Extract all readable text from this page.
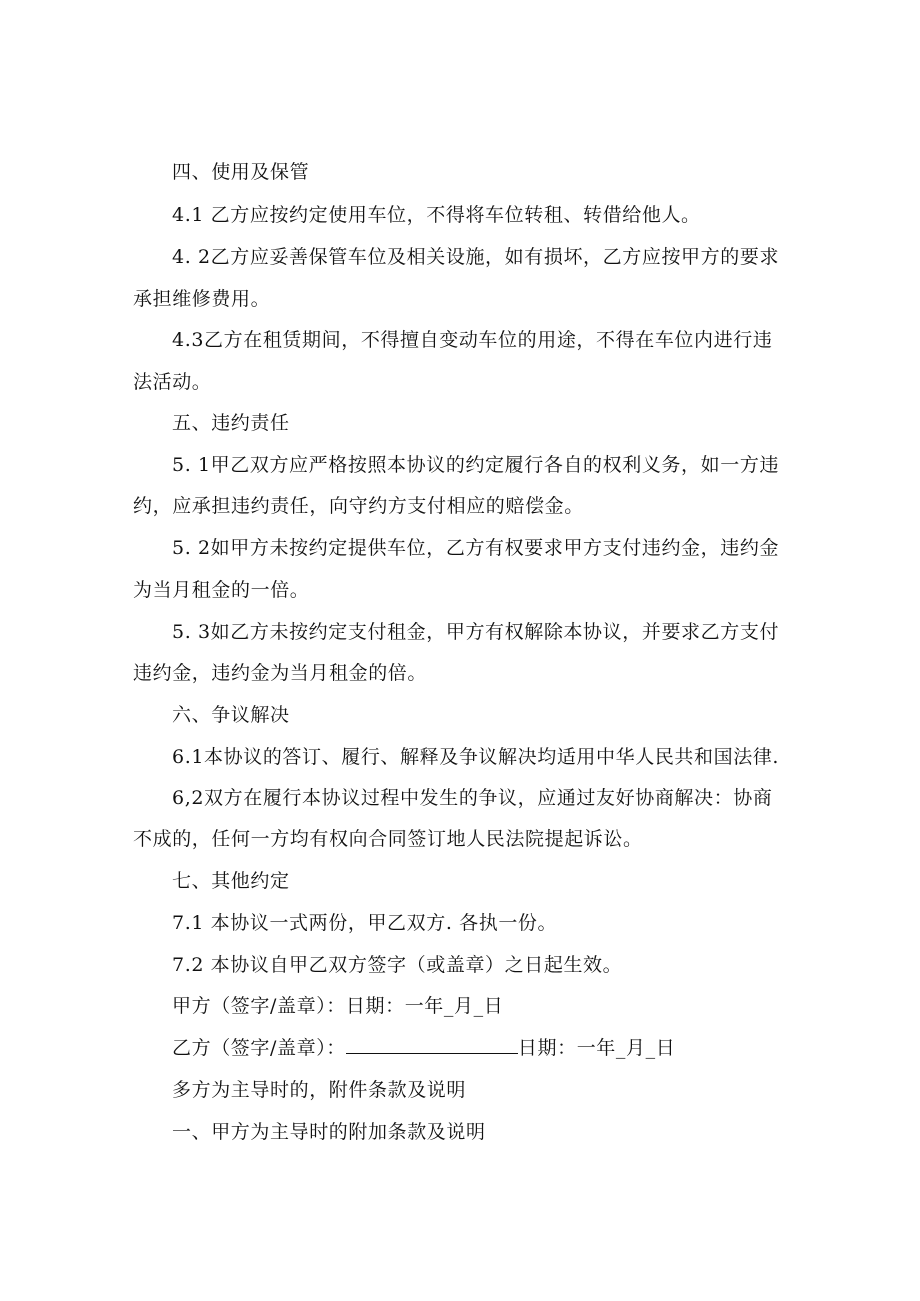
四、使用及保管
4.1 乙方应按约定使用车位，不得将车位转租、转借给他人。
4. 2乙方应妥善保管车位及相关设施，如有损坏，乙方应按甲方的要求
承担维修费用。
4.3乙方在租赁期间，不得擅自变动车位的用途，不得在车位内进行违
法活动。
五、违约责任
5. 1甲乙双方应严格按照本协议的约定履行各自的权利义务，如一方违
约，应承担违约责任，向守约方支付相应的赔偿金。
5. 2如甲方未按约定提供车位，乙方有权要求甲方支付违约金，违约金
为当月租金的一倍。
5. 3如乙方未按约定支付租金，甲方有权解除本协议，并要求乙方支付
违约金，违约金为当月租金的倍。
六、争议解决
6.1本协议的答订、履行、解释及争议解决均适用中华人民共和国法律.
6,2双方在履行本协议过程中发生的争议，应通过友好协商解决：协商
不成的，任何一方均有权向合同签订地人民法院提起诉讼。
七、其他约定
7.1 本协议一式两份，甲乙双方. 各执一份。
7.2 本协议自甲乙双方签字（或盖章）之日起生效。
甲方（签字/盖章）：日期：一年_月_日
乙方（签字/盖章）：	日期：一年_月_日
多方为主导时的，附件条款及说明
一、甲方为主导时的附加条款及说明
